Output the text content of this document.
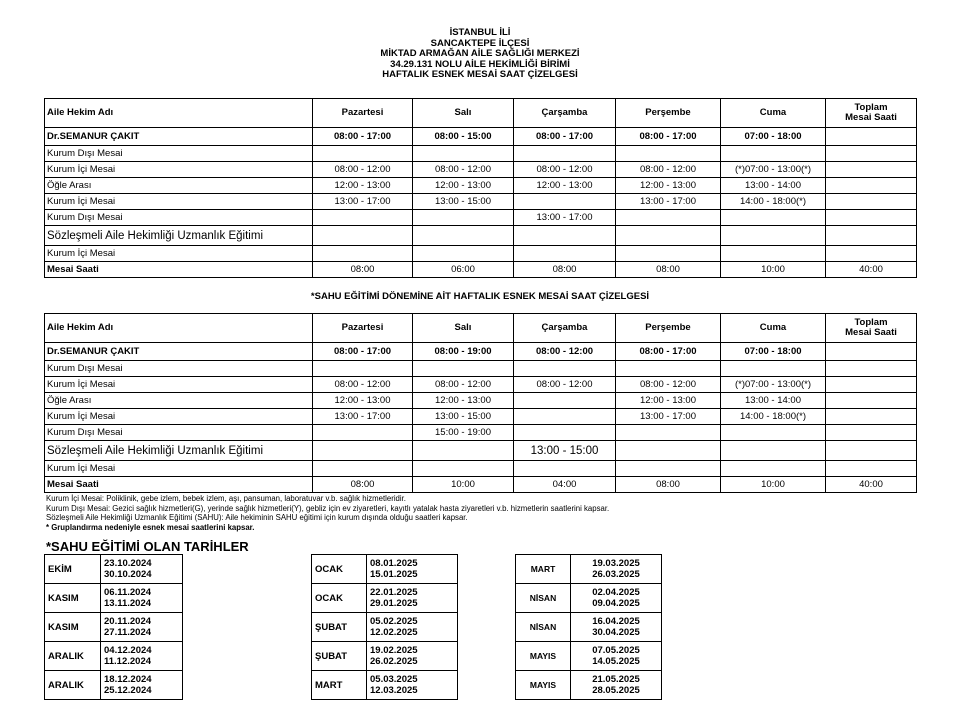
İSTANBUL İLİ
SANCAKTEPE İLÇESİ
MİKTAD ARMAĞAN AİLE SAĞLIĞI MERKEZİ
34.29.131 NOLU AİLE HEKİMLİĞİ BİRİMİ
HAFTALIK ESNEK MESAİ SAAT ÇİZELGESİ
Aile Hekim Adı	Pazartesi	Salı	Çarşamba	Perşembe	Cuma	Toplam
Mesai Saati

Dr.SEMANUR ÇAKIT	08:00 - 17:00	08:00 - 15:00	08:00 - 17:00	08:00 - 17:00	07:00 - 18:00	
Kurum Dışı Mesai						
Kurum İçi Mesai	08:00 - 12:00	08:00 - 12:00	08:00 - 12:00	08:00 - 12:00	(*)07:00 - 13:00(*)	
Öğle Arası	12:00 - 13:00	12:00 - 13:00	12:00 - 13:00	12:00 - 13:00	13:00 - 14:00	
Kurum İçi Mesai	13:00 - 17:00	13:00 - 15:00		13:00 - 17:00	14:00 - 18:00(*)	
Kurum Dışı Mesai			13:00 - 17:00			
Sözleşmeli Aile Hekimliği Uzmanlık Eğitimi						
Kurum İçi Mesai						
Mesai Saati	08:00	06:00	08:00	08:00	10:00	40:00
*SAHU EĞİTİMİ DÖNEMİNE AİT HAFTALIK ESNEK MESAİ SAAT ÇİZELGESİ
Aile Hekim Adı	Pazartesi	Salı	Çarşamba	Perşembe	Cuma	Toplam
Mesai Saati

Dr.SEMANUR ÇAKIT	08:00 - 17:00	08:00 - 19:00	08:00 - 12:00	08:00 - 17:00	07:00 - 18:00	
Kurum Dışı Mesai						
Kurum İçi Mesai	08:00 - 12:00	08:00 - 12:00	08:00 - 12:00	08:00 - 12:00	(*)07:00 - 13:00(*)	
Öğle Arası	12:00 - 13:00	12:00 - 13:00		12:00 - 13:00	13:00 - 14:00	
Kurum İçi Mesai	13:00 - 17:00	13:00 - 15:00		13:00 - 17:00	14:00 - 18:00(*)	
Kurum Dışı Mesai		15:00 - 19:00				
Sözleşmeli Aile Hekimliği Uzmanlık Eğitimi			13:00 - 15:00			
Kurum İçi Mesai						
Mesai Saati	08:00	10:00	04:00	08:00	10:00	40:00
Kurum İçi Mesai: Poliklinik, gebe izlem, bebek izlem, aşı, pansuman, laboratuvar v.b. sağlık hizmetleridir.
Kurum Dışı Mesai: Gezici sağlık hizmetleri(G), yerinde sağlık hizmetleri(Y), gebliz için ev ziyaretleri, kayıtlı yatalak hasta ziyaretleri v.b. hizmetlerin saatlerini kapsar.
Sözleşmeli Aile Hekimliği Uzmanlık Eğitimi (SAHU): Aile hekiminin SAHU eğitimi için kurum dışında olduğu saatleri kapsar.
* Gruplandırma nedeniyle esnek mesai saatlerini kapsar.
*SAHU EĞİTİMİ OLAN TARİHLER
EKİM	23.10.2024
30.10.2024

KASIM	06.11.2024
13.11.2024

KASIM	20.11.2024
27.11.2024

ARALIK	04.12.2024
11.12.2024

ARALIK	18.12.2024
25.12.2024
OCAK	08.01.2025
15.01.2025

OCAK	22.01.2025
29.01.2025

ŞUBAT	05.02.2025
12.02.2025

ŞUBAT	19.02.2025
26.02.2025

MART	05.03.2025
12.03.2025
MART	19.03.2025
26.03.2025

NİSAN	02.04.2025
09.04.2025

NİSAN	16.04.2025
30.04.2025

MAYIS	07.05.2025
14.05.2025

MAYIS	21.05.2025
28.05.2025
